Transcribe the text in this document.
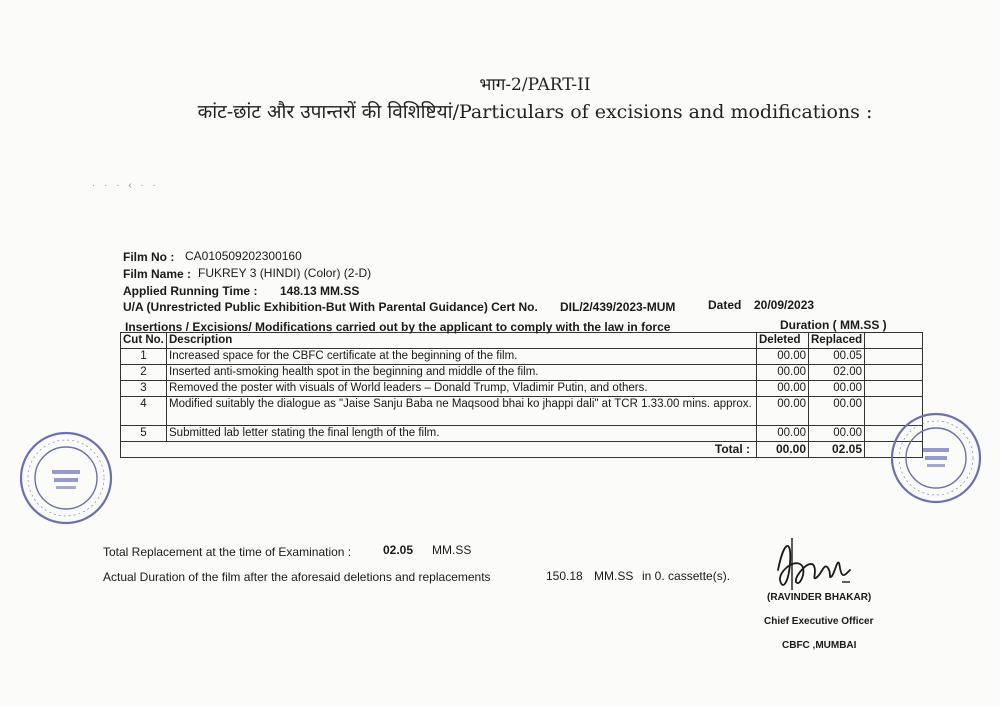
भाग-2/PART-II
कांट-छांट और उपान्तरों की विशिष्टियां/Particulars of excisions and modifications :
· · · ‹ · ·
Film No : CA010509202300160
Film Name : FUKREY 3 (HINDI) (Color) (2-D)
Applied Running Time : 148.13 MM.SS
U/A (Unrestricted Public Exhibition-But With Parental Guidance) Cert No. DIL/2/439/2023-MUM	Dated 20/09/2023
Insertions / Excisions/ Modifications carried out by the applicant to comply with the law in force	Duration ( MM.SS )
Cut No.	Description	Deleted	Replaced	
1	Increased space for the CBFC certificate at the beginning of the film.	00.00	00.05	
2	Inserted anti-smoking health spot in the beginning and middle of the film.	00.00	02.00	
3	Removed the poster with visuals of World leaders – Donald Trump, Vladimir Putin, and others.	00.00	00.00	
4	Modified suitably the dialogue as "Jaise Sanju Baba ne Maqsood bhai ko jhappi dali" at TCR 1.33.00 mins. approx.	00.00	00.00	
5	Submitted lab letter stating the final length of the film.	00.00	00.00	
Total :		00.00	02.05	
Total Replacement at the time of Examination :	02.05 MM.SS
Actual Duration of the film after the aforesaid deletions and replacements	150.18 MM.SS in 0. cassette(s).
(RAVINDER BHAKAR)
Chief Executive Officer
CBFC ,MUMBAI
